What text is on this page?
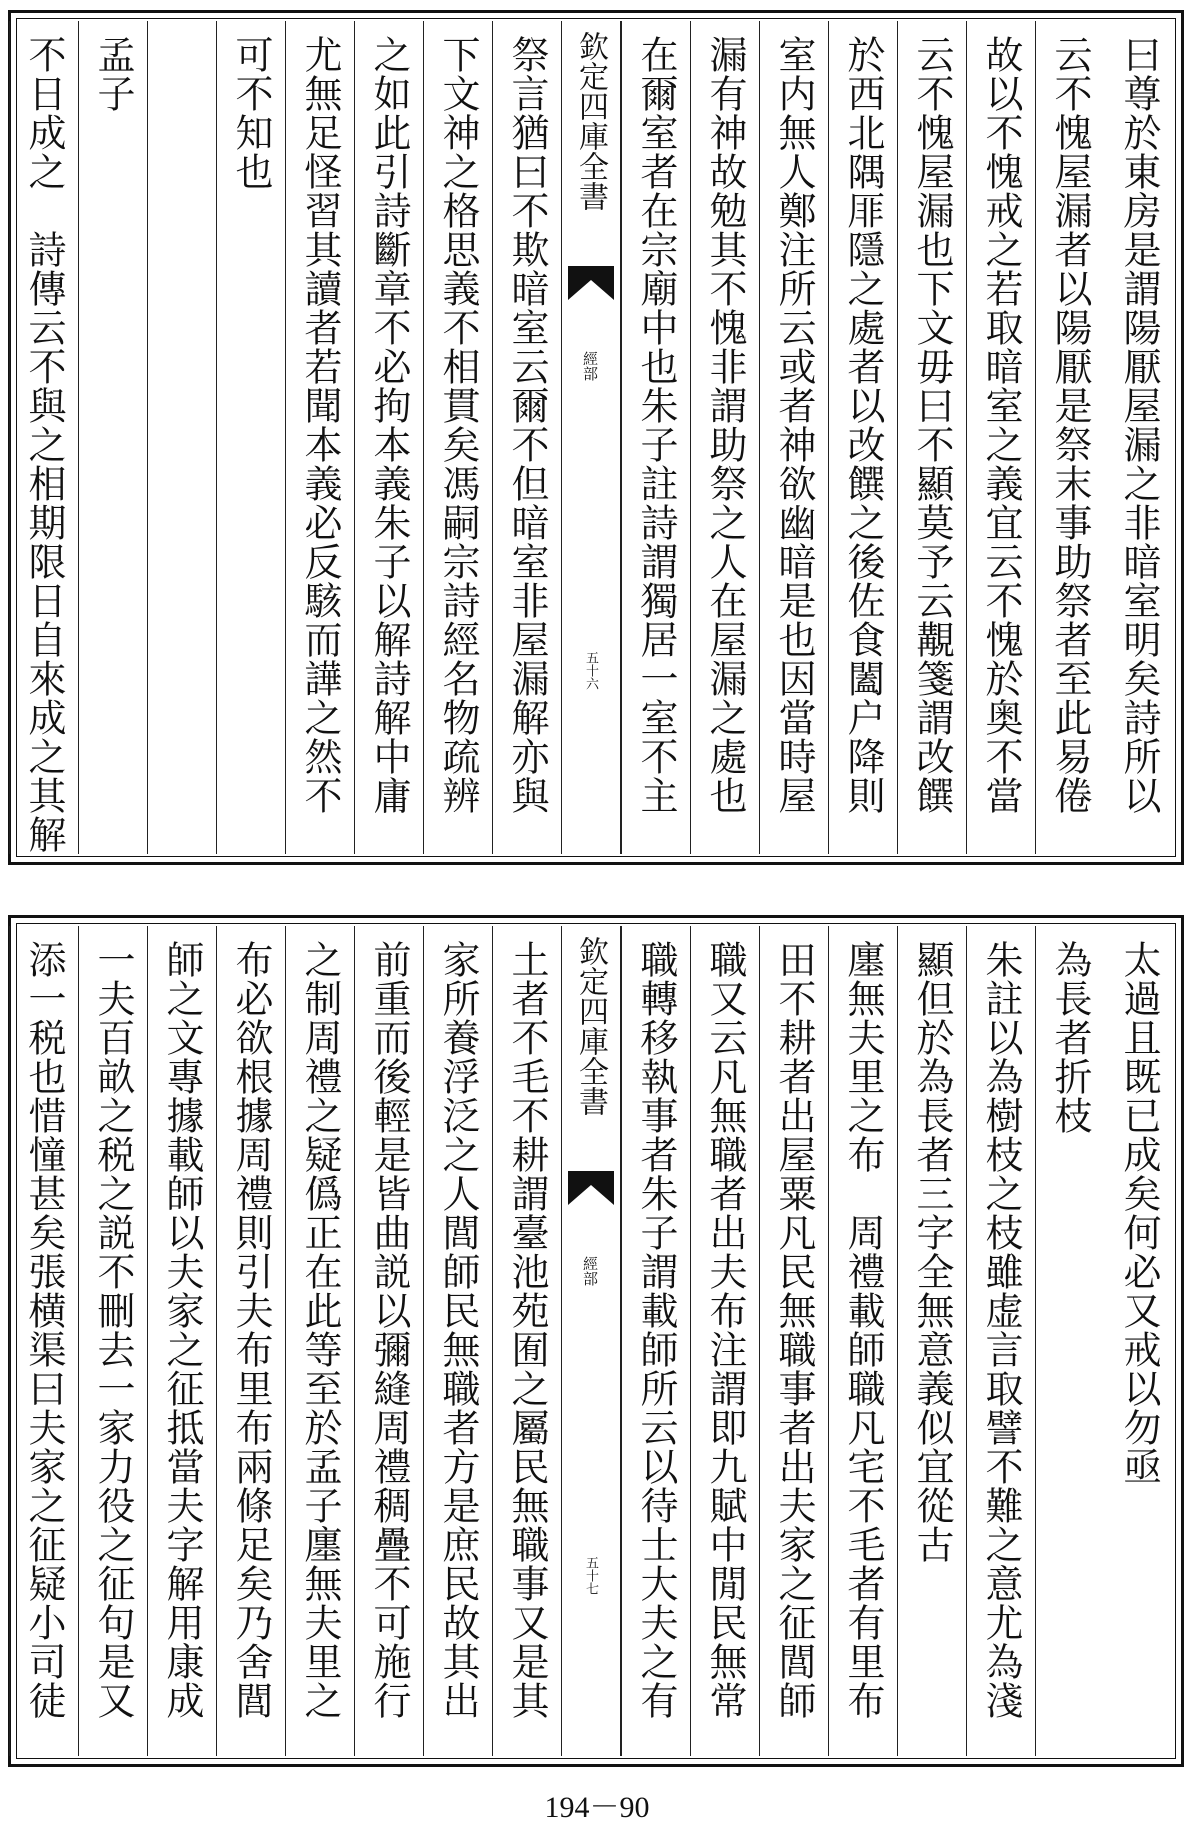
曰尊於東房是謂陽厭屋漏之非暗室明矣詩所以
云不愧屋漏者以陽厭是祭末事助祭者至此易倦
故以不愧戒之若取暗室之義宜云不愧於奥不當
云不愧屋漏也下文毋曰不顯莫予云覯箋謂改饌
於西北隅厞隱之處者以改饌之後佐食闔户降則
室内無人鄭注所云或者神欲幽暗是也因當時屋
漏有神故勉其不愧非謂助祭之人在屋漏之處也
在爾室者在宗廟中也朱子註詩謂獨居一室不主
欽定四庫全書
經部
五十六
祭言猶曰不欺暗室云爾不但暗室非屋漏解亦與
下文神之格思義不相貫矣馮嗣宗詩經名物疏辨
之如此引詩斷章不必拘本義朱子以解詩解中庸
尤無足怪習其讀者若聞本義必反駭而譁之然不
可不知也
孟子
不日成之　詩傳云不與之相期限日自來成之其解
太過且既已成矣何必又戒以勿亟
為長者折枝
朱註以為樹枝之枝雖虚言取譬不難之意尤為淺
顯但於為長者三字全無意義似宜從古
廛無夫里之布　周禮載師職凡宅不毛者有里布
田不耕者出屋粟凡民無職事者出夫家之征閭師
職又云凡無職者出夫布注謂即九賦中閒民無常
職轉移執事者朱子謂載師所云以待士大夫之有
欽定四庫全書
經部
五十七
土者不毛不耕謂臺池苑囿之屬民無職事又是其
家所養浮泛之人閭師民無職者方是庶民故其出
前重而後輕是皆曲説以彌縫周禮稠疊不可施行
之制周禮之疑僞正在此等至於孟子廛無夫里之
布必欲根據周禮則引夫布里布兩條足矣乃舍閭
師之文專據載師以夫家之征抵當夫字解用康成
一夫百畝之税之説不刪去一家力役之征句是又
添一税也惜憧甚矣張横渠曰夫家之征疑小司徒
194－90
